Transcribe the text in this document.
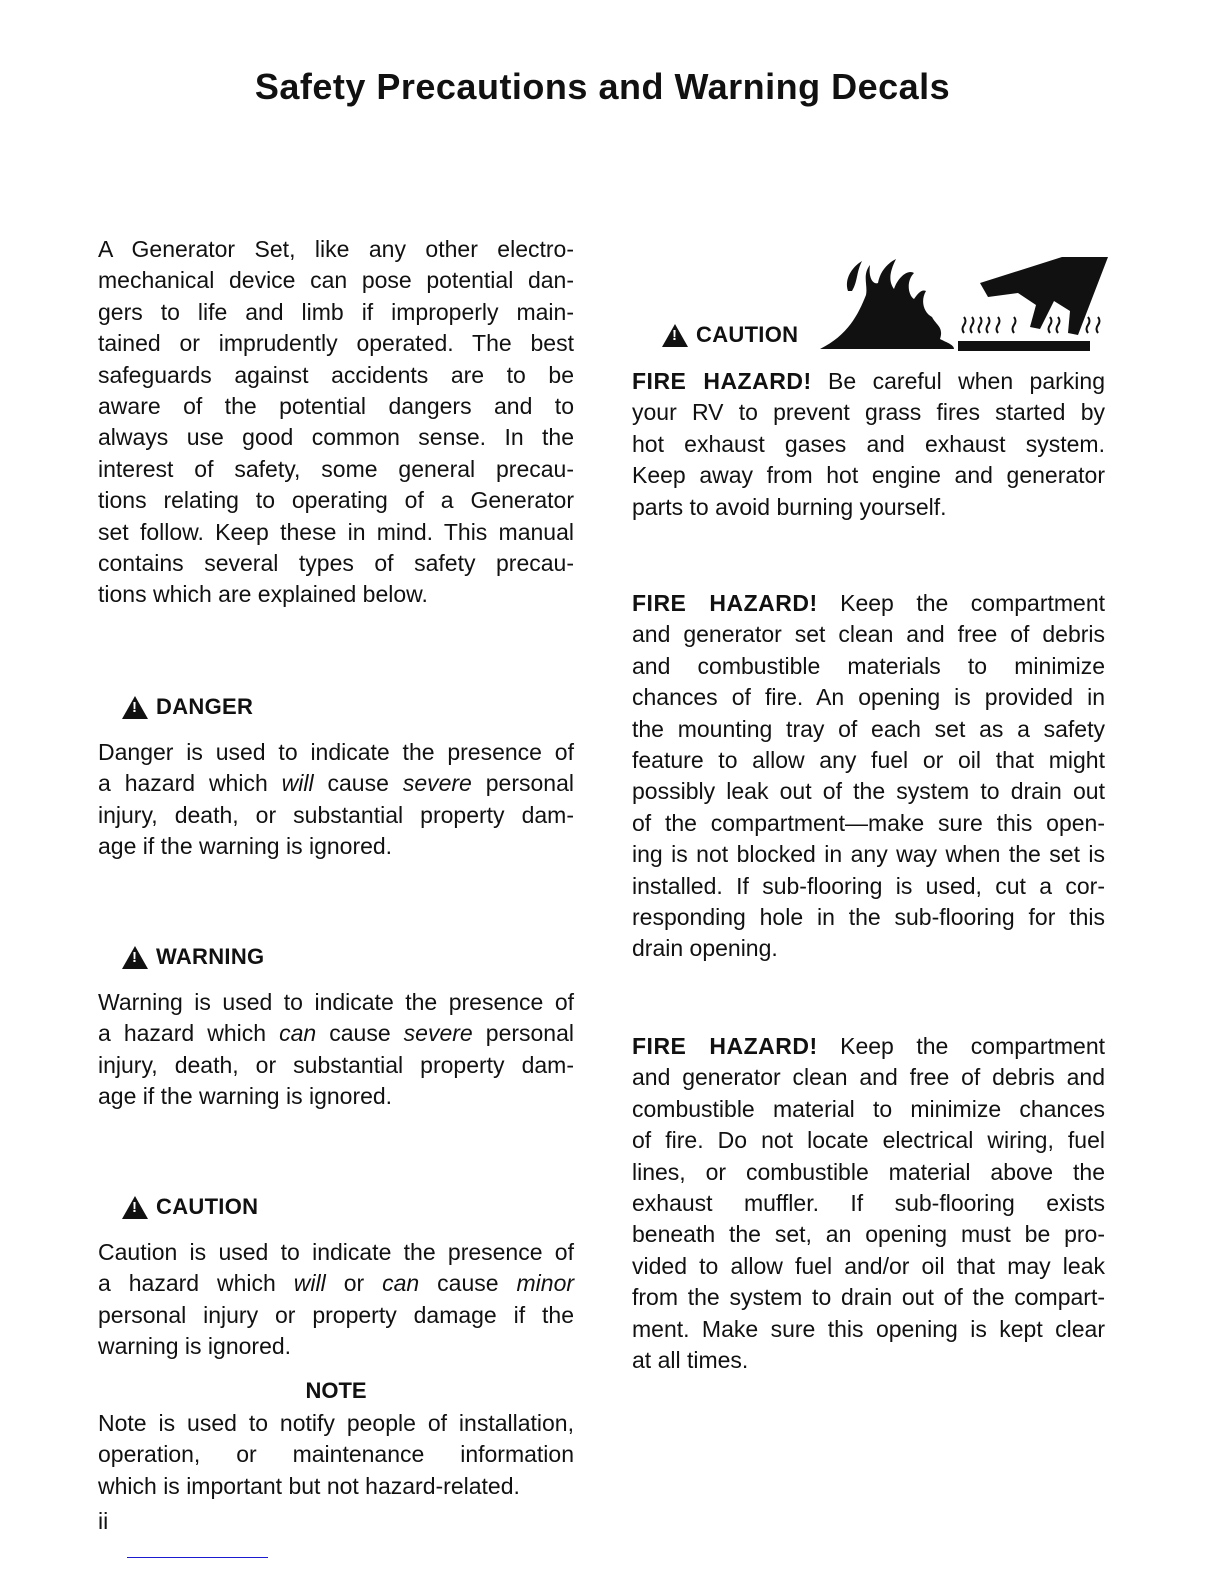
Safety Precautions and Warning Decals
A Generator Set, like any other electro-
mechanical device can pose potential dan-
gers to life and limb if improperly main-
tained or imprudently operated. The best
safeguards against accidents are to be
aware of the potential dangers and to
always use good common sense. In the
interest of safety, some general precau-
tions relating to operating of a Generator
set follow. Keep these in mind. This manual
contains several types of safety precau-
tions which are explained below.
!
DANGER
Danger is used to indicate the presence of
a hazard which will cause severe personal
injury, death, or substantial property dam-
age if the warning is ignored.
!
WARNING
Warning is used to indicate the presence of
a hazard which can cause severe personal
injury, death, or substantial property dam-
age if the warning is ignored.
!
CAUTION
Caution is used to indicate the presence of
a hazard which will or can cause minor
personal injury or property damage if the
warning is ignored.
NOTE
Note is used to notify people of installation,
operation, or maintenance information
which is important but not hazard-related.
ii
!
CAUTION
FIRE HAZARD! Be careful when parking
your RV to prevent grass fires started by
hot exhaust gases and exhaust system.
Keep away from hot engine and generator
parts to avoid burning yourself.
FIRE HAZARD! Keep the compartment
and generator set clean and free of debris
and combustible materials to minimize
chances of fire. An opening is provided in
the mounting tray of each set as a safety
feature to allow any fuel or oil that might
possibly leak out of the system to drain out
of the compartment—make sure this open-
ing is not blocked in any way when the set is
installed. If sub-flooring is used, cut a cor-
responding hole in the sub-flooring for this
drain opening.
FIRE HAZARD! Keep the compartment
and generator clean and free of debris and
combustible material to minimize chances
of fire. Do not locate electrical wiring, fuel
lines, or combustible material above the
exhaust muffler. If sub-flooring exists
beneath the set, an opening must be pro-
vided to allow fuel and/or oil that may leak
from the system to drain out of the compart-
ment. Make sure this opening is kept clear
at all times.
